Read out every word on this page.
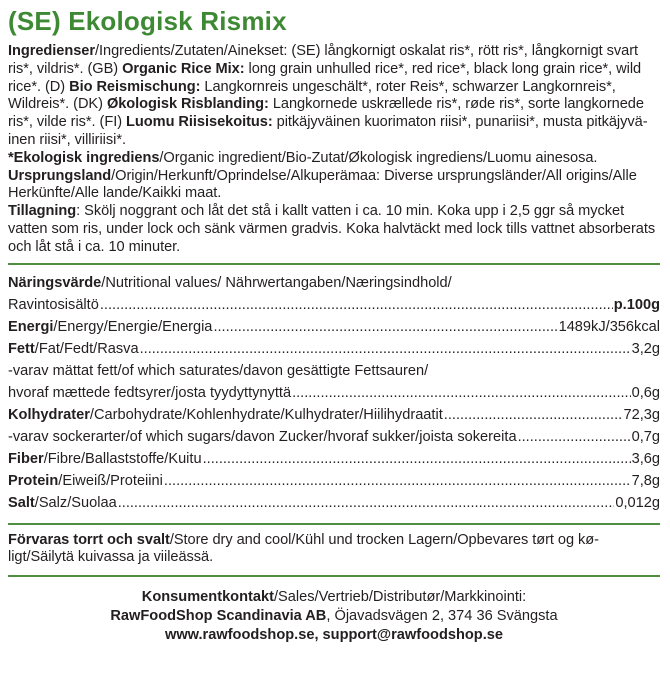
(SE) Ekologisk Rismix

Ingredienser/Ingredients/Zutaten/Ainekset: (SE) långkornigt oskalat ris*, rött ris*, långkornigt svart ris*, vildris*. (GB) Organic Rice Mix: long grain unhulled rice*, red rice*, black long grain rice*, wild rice*. (D) Bio Reismischung: Langkornreis ungeschält*, roter Reis*, schwarzer Langkornreis*, Wildreis*. (DK) Økologisk Risblanding: Langkornede uskrællede ris*, røde ris*, sorte langkornede ris*, vilde ris*. (FI) Luomu Riisisekoitus: pitkäjyväinen kuorimaton riisi*, punariisi*, musta pitkäjyväinen riisi*, villiriisi*.

*Ekologisk ingrediens/Organic ingredient/Bio-Zutat/Økologisk ingrediens/Luomu ainesosa.

Ursprungsland/Origin/Herkunft/Oprindelse/Alkuperämaa: Diverse ursprungsländer/All origins/Alle Herkünfte/Alle lande/Kaikki maat.

Tillagning: Skölj noggrant och låt det stå i kallt vatten i ca. 10 min. Koka upp i 2,5 ggr så mycket vatten som ris, under lock och sänk värmen gradvis. Koka halvtäckt med lock tills vattnet absorberats och låt stå i ca. 10 minuter.

Näringsvärde/Nutritional values/ Nährwertangaben/Næringsindhold/
Ravintosisältö .....	p.100g
Energi/Energy/Energie/Energia .....	1489kJ/356kcal
Fett/Fat/Fedt/Rasva .....	3,2g
-varav mättat fett/of which saturates/davon gesättigte Fettsauren/
hvoraf mættede fedtsyrer/josta tyydyttynyttä .....	0,6g
Kolhydrater/Carbohydrate/Kohlenhydrate/Kulhydrater/Hiilihydraatit .....	72,3g
-varav sockerarter/of which sugars/davon Zucker/hvoraf sukker/joista sokereita .....	0,7g
Fiber/Fibre/Ballaststoffe/Kuitu .....	3,6g
Protein/Eiweiß/Proteiini .....	7,8g
Salt/Salz/Suolaa .....	0,012g

Förvaras torrt och svalt/Store dry and cool/Kühl und trocken Lagern/Opbevares tørt og køligt/Säilytä kuivassa ja viileässä.

Konsumentkontakt/Sales/Vertrieb/Distributør/Markkinointi:
RawFoodShop Scandinavia AB, Öjavadsvägen 2, 374 36 Svängsta
www.rawfoodshop.se, support@rawfoodshop.se
